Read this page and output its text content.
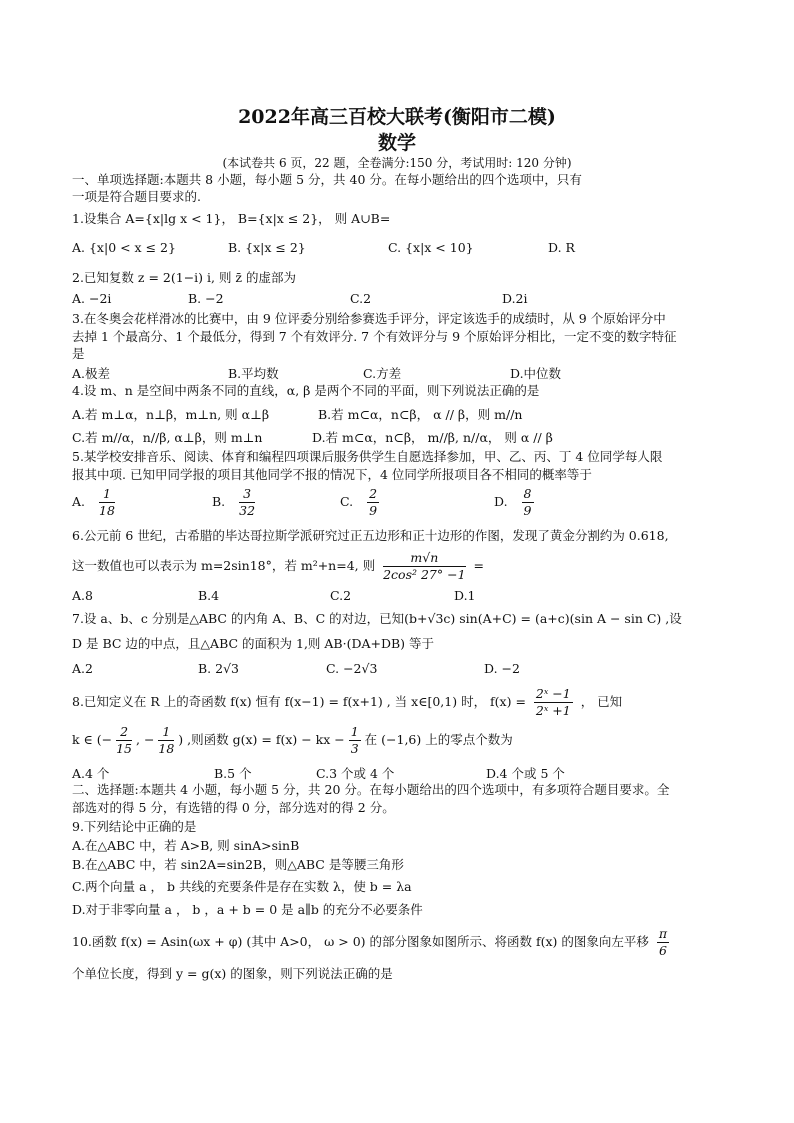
2022年高三百校大联考(衡阳市二模)
数学
(本试卷共 6 页，22 题，全卷满分:150 分，考试用时: 120 分钟)
一、单项选择题:本题共 8 小题，每小题 5 分，共 40 分。在每小题给出的四个选项中，只有
一项是符合题目要求的.
1.设集合 A={x|lg x < 1}， B={x|x ≤ 2}， 则 A∪B=
A. {x|0 < x ≤ 2}	B. {x|x ≤ 2}	C. {x|x < 10}	D. R
2.已知复数 z = 2(1−i) i, 则 z̄ 的虚部为
A. −2i	B. −2	C.2	D.2i
3.在冬奥会花样滑冰的比赛中，由 9 位评委分别给参赛选手评分，评定该选手的成绩时，从 9 个原始评分中
去掉 1 个最高分、1 个最低分，得到 7 个有效评分. 7 个有效评分与 9 个原始评分相比，一定不变的数字特征
是
A.极差	B.平均数	C.方差	D.中位数
4.设 m、n 是空间中两条不同的直线，α, β 是两个不同的平面，则下列说法正确的是
A.若 m⊥α，n⊥β，m⊥n, 则 α⊥β	B.若 m⊂α，n⊂β， α // β，则 m//n
C.若 m//α，n//β, α⊥β，则 m⊥n	D.若 m⊂α，n⊂β， m//β, n//α， 则 α // β
5.某学校安排音乐、阅读、体育和编程四项课后服务供学生自愿选择参加，甲、乙、丙、丁 4 位同学每人限
报其中项. 已知甲同学报的项目其他同学不报的情况下，4 位同学所报项目各不相同的概率等于
A. $\frac{1}{18}$	B. $\frac{3}{32}$	C. $\frac{2}{9}$	D. $\frac{8}{9}$
6.公元前 6 世纪，古希腊的毕达哥拉斯学派研究过正五边形和正十边形的作图，发现了黄金分割约为 0.618,
这一数值也可以表示为 m=2sin18°，若 m²+n=4, 则 $\frac{m√n}{\text{2cos² 27° −1}}$ =
A.8	B.4	C.2	D.1
7.设 a、b、c 分别是△ABC 的内角 A、B、C 的对边，已知(b+√3c) sin(A+C) = (a+c)(sin A − sin C) ,设
D 是 BC 边的中点，且△ABC 的面积为 1,则 AB·(DA+DB) 等于
A.2	B. 2√3	C. −2√3	D. −2
8.已知定义在 R 上的奇函数 f(x) 恒有 f(x−1) = f(x+1) , 当 x∈[0,1) 时， $f(x) = \frac{\text{2ˣ −1}}{\text{2ˣ +1}}$ ， 已知
k ∈ (− $\frac{2}{15}$ , − $\frac{1}{18}$ ) ,则函数 g(x) = f(x) − kx − $\frac{1}{3}$ 在 (−1,6) 上的零点个数为
A.4 个	B.5 个	C.3 个或 4 个	D.4 个或 5 个
二、选择题:本题共 4 小题，每小题 5 分，共 20 分。在每小题给出的四个选项中，有多项符合题目要求。全
部选对的得 5 分，有选错的得 0 分，部分选对的得 2 分。
9.下列结论中正确的是
A.在△ABC 中，若 A>B, 则 sinA>sinB
B.在△ABC 中，若 sin2A=sin2B，则△ABC 是等腰三角形
C.两个向量 a ， b 共线的充要条件是存在实数 λ，使 b = λa
D.对于非零向量 a ， b ，a + b = 0 是 a∥b 的充分不必要条件
10.函数 f(x) = Asin(ωx + φ) (其中 A>0， ω > 0) 的部分图象如图所示、将函数 f(x) 的图象向左平移 $\frac{\pi}{6}$
个单位长度，得到 y = g(x) 的图象，则下列说法正确的是
